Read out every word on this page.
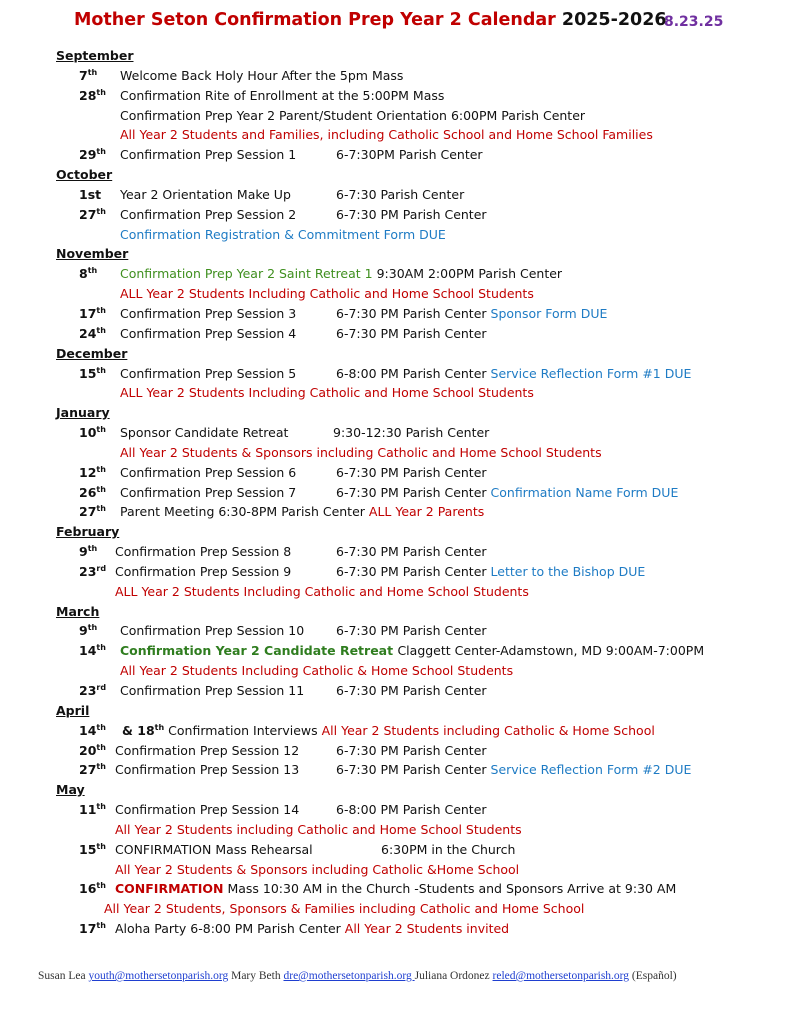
Mother Seton Confirmation Prep Year 2 Calendar 2025-2026
8.23.25
September
7th Welcome Back Holy Hour After the 5pm Mass
28th Confirmation Rite of Enrollment at the 5:00PM Mass
Confirmation Prep Year 2 Parent/Student Orientation 6:00PM Parish Center
All Year 2 Students and Families, including Catholic School and Home School Families
29th Confirmation Prep Session 1	6-7:30PM Parish Center
October
1st Year 2 Orientation Make Up	6-7:30 Parish Center
27th Confirmation Prep Session 2	6-7:30 PM Parish Center
Confirmation Registration & Commitment Form DUE
November
8th Confirmation Prep Year 2 Saint Retreat 1 9:30AM 2:00PM Parish Center
ALL Year 2 Students Including Catholic and Home School Students
17th Confirmation Prep Session 3	6-7:30 PM Parish Center Sponsor Form DUE
24th Confirmation Prep Session 4	6-7:30 PM Parish Center
December
15th Confirmation Prep Session 5	6-8:00 PM Parish Center Service Reflection Form #1 DUE
ALL Year 2 Students Including Catholic and Home School Students
January
10th Sponsor Candidate Retreat	9:30-12:30 Parish Center
All Year 2 Students & Sponsors including Catholic and Home School Students
12th Confirmation Prep Session 6	6-7:30 PM Parish Center
26th Confirmation Prep Session 7	6-7:30 PM Parish Center Confirmation Name Form DUE
27th Parent Meeting 6:30-8PM Parish Center ALL Year 2 Parents
February
9th Confirmation Prep Session 8	6-7:30 PM Parish Center
23rd Confirmation Prep Session 9	6-7:30 PM Parish Center Letter to the Bishop DUE
ALL Year 2 Students Including Catholic and Home School Students
March
9th Confirmation Prep Session 10	6-7:30 PM Parish Center
14th Confirmation Year 2 Candidate Retreat Claggett Center-Adamstown, MD 9:00AM-7:00PM
All Year 2 Students Including Catholic & Home School Students
23rd Confirmation Prep Session 11	6-7:30 PM Parish Center
April
14th & 18th Confirmation Interviews All Year 2 Students including Catholic & Home School
20th Confirmation Prep Session 12	6-7:30 PM Parish Center
27th Confirmation Prep Session 13	6-7:30 PM Parish Center Service Reflection Form #2 DUE
May
11th Confirmation Prep Session 14	6-8:00 PM Parish Center
All Year 2 Students including Catholic and Home School Students
15th CONFIRMATION Mass Rehearsal	6:30PM in the Church
All Year 2 Students & Sponsors including Catholic &Home School
16th CONFIRMATION Mass 10:30 AM in the Church -Students and Sponsors Arrive at 9:30 AM
All Year 2 Students, Sponsors & Families including Catholic and Home School
17th Aloha Party 6-8:00 PM Parish Center All Year 2 Students invited
Susan Lea youth@mothersetonparish.org Mary Beth dre@mothersetonparish.org Juliana Ordonez reled@mothersetonparish.org (Español)
